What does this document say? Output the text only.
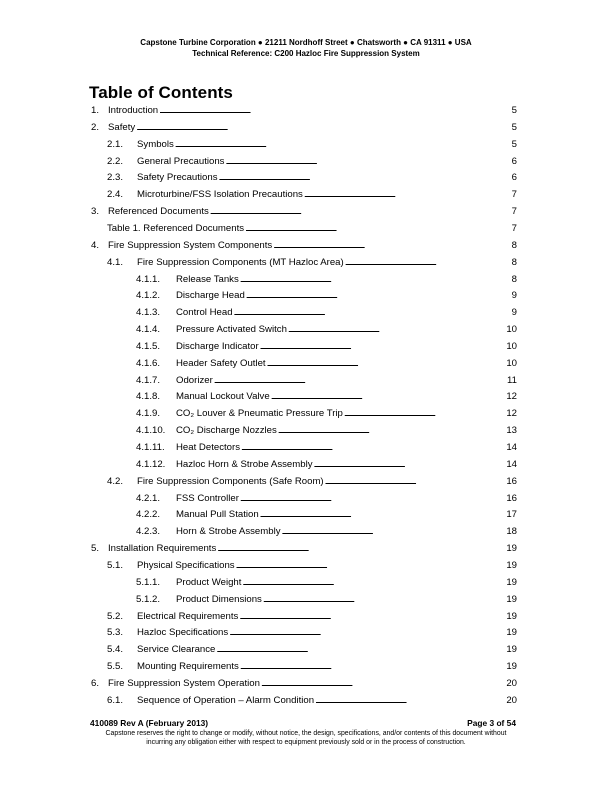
Capstone Turbine Corporation ● 21211 Nordhoff Street ● Chatsworth ● CA 91311 ● USA
Technical Reference: C200 Hazloc Fire Suppression System
Table of Contents
1. Introduction . . .	5
2. Safety . . .	5
2.1. Symbols . . .	5
2.2. General Precautions . . .	6
2.3. Safety Precautions . . .	6
2.4. Microturbine/FSS Isolation Precautions . . .	7
3. Referenced Documents . . .	7
Table 1. Referenced Documents . . .	7
4. Fire Suppression System Components . . .	8
4.1. Fire Suppression Components (MT Hazloc Area) . . .	8
4.1.1. Release Tanks . . .	8
4.1.2. Discharge Head . . .	9
4.1.3. Control Head . . .	9
4.1.4. Pressure Activated Switch . . .	10
4.1.5. Discharge Indicator . . .	10
4.1.6. Header Safety Outlet . . .	10
4.1.7. Odorizer . . .	11
4.1.8. Manual Lockout Valve . . .	12
4.1.9. CO₂ Louver & Pneumatic Pressure Trip . . .	12
4.1.10. CO₂ Discharge Nozzles . . .	13
4.1.11. Heat Detectors . . .	14
4.1.12. Hazloc Horn & Strobe Assembly . . .	14
4.2. Fire Suppression Components (Safe Room) . . .	16
4.2.1. FSS Controller . . .	16
4.2.2. Manual Pull Station . . .	17
4.2.3. Horn & Strobe Assembly . . .	18
5. Installation Requirements . . .	19
5.1. Physical Specifications . . .	19
5.1.1. Product Weight . . .	19
5.1.2. Product Dimensions . . .	19
5.2. Electrical Requirements . . .	19
5.3. Hazloc Specifications . . .	19
5.4. Service Clearance . . .	19
5.5. Mounting Requirements . . .	19
6. Fire Suppression System Operation . . .	20
6.1. Sequence of Operation – Alarm Condition . . .	20
410089 Rev A (February 2013)	Page 3 of 54
Capstone reserves the right to change or modify, without notice, the design, specifications, and/or contents of this document without incurring any obligation either with respect to equipment previously sold or in the process of construction.
